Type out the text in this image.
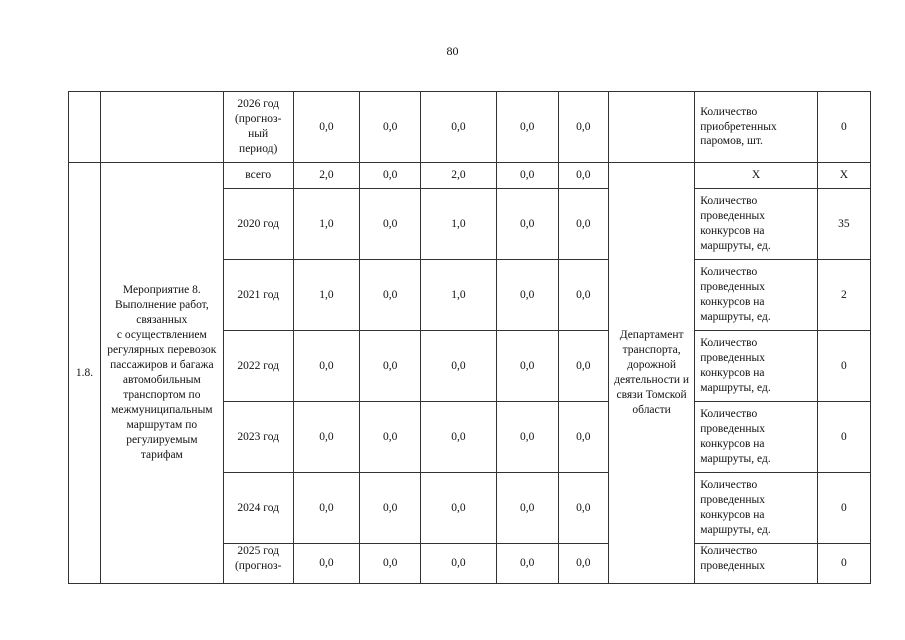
80
		2026 год
(прогноз-
ный
период)	0,0	0,0	0,0	0,0	0,0		Количество приобретенных паромов, шт.	0
1.8.	Мероприятие 8. Выполнение работ, связанных
с осуществлением регулярных перевозок пассажиров и багажа автомобильным транспортом по межмуниципальным маршрутам по регулируемым тарифам	всего	2,0	0,0	2,0	0,0	0,0	Департамент транспорта, дорожной деятельности и связи Томской области	Х	Х
		2020 год	1,0	0,0	1,0	0,0	0,0		Количество проведенных конкурсов на маршруты, ед.	35
		2021 год	1,0	0,0	1,0	0,0	0,0		Количество проведенных конкурсов на маршруты, ед.	2
		2022 год	0,0	0,0	0,0	0,0	0,0		Количество проведенных конкурсов на маршруты, ед.	0
		2023 год	0,0	0,0	0,0	0,0	0,0		Количество проведенных конкурсов на маршруты, ед.	0
		2024 год	0,0	0,0	0,0	0,0	0,0		Количество проведенных конкурсов на маршруты, ед.	0
		2025 год
(прогноз-	0,0	0,0	0,0	0,0	0,0		Количество проведенных	0
